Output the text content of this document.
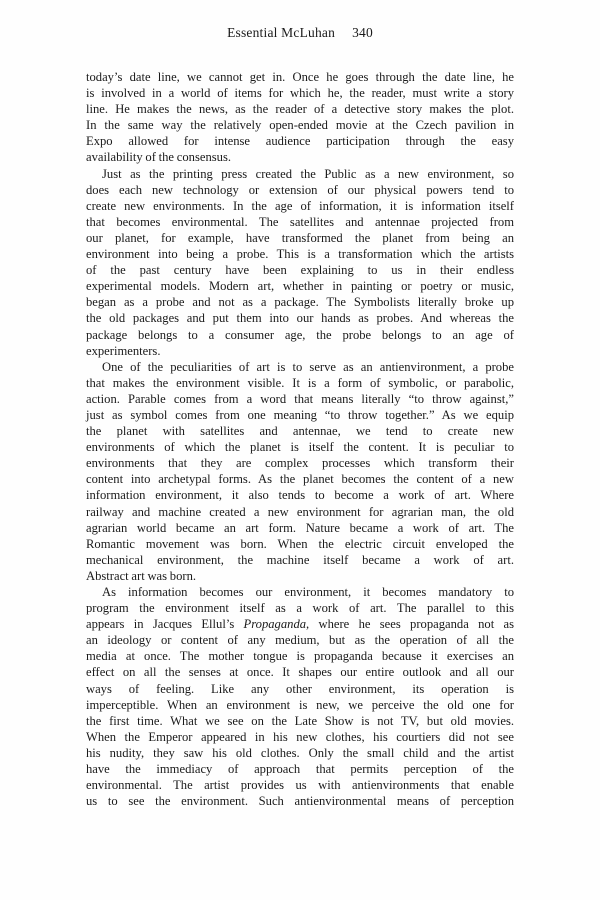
Essential McLuhan 340
today’s date line, we cannot get in. Once he goes through the date line, he
is involved in a world of items for which he, the reader, must write a story
line. He makes the news, as the reader of a detective story makes the plot.
In the same way the relatively open-ended movie at the Czech pavilion in
Expo allowed for intense audience participation through the easy
availability of the consensus.
Just as the printing press created the Public as a new environment, so
does each new technology or extension of our physical powers tend to
create new environments. In the age of information, it is information itself
that becomes environmental. The satellites and antennae projected from
our planet, for example, have transformed the planet from being an
environment into being a probe. This is a transformation which the artists
of the past century have been explaining to us in their endless
experimental models. Modern art, whether in painting or poetry or music,
began as a probe and not as a package. The Symbolists literally broke up
the old packages and put them into our hands as probes. And whereas the
package belongs to a consumer age, the probe belongs to an age of
experimenters.
One of the peculiarities of art is to serve as an antienvironment, a probe
that makes the environment visible. It is a form of symbolic, or parabolic,
action. Parable comes from a word that means literally “to throw against,”
just as symbol comes from one meaning “to throw together.” As we equip
the planet with satellites and antennae, we tend to create new
environments of which the planet is itself the content. It is peculiar to
environments that they are complex processes which transform their
content into archetypal forms. As the planet becomes the content of a new
information environment, it also tends to become a work of art. Where
railway and machine created a new environment for agrarian man, the old
agrarian world became an art form. Nature became a work of art. The
Romantic movement was born. When the electric circuit enveloped the
mechanical environment, the machine itself became a work of art.
Abstract art was born.
As information becomes our environment, it becomes mandatory to
program the environment itself as a work of art. The parallel to this
appears in Jacques Ellul’s Propaganda, where he sees propaganda not as
an ideology or content of any medium, but as the operation of all the
media at once. The mother tongue is propaganda because it exercises an
effect on all the senses at once. It shapes our entire outlook and all our
ways of feeling. Like any other environment, its operation is
imperceptible. When an environment is new, we perceive the old one for
the first time. What we see on the Late Show is not TV, but old movies.
When the Emperor appeared in his new clothes, his courtiers did not see
his nudity, they saw his old clothes. Only the small child and the artist
have the immediacy of approach that permits perception of the
environmental. The artist provides us with antienvironments that enable
us to see the environment. Such antienvironmental means of perception
